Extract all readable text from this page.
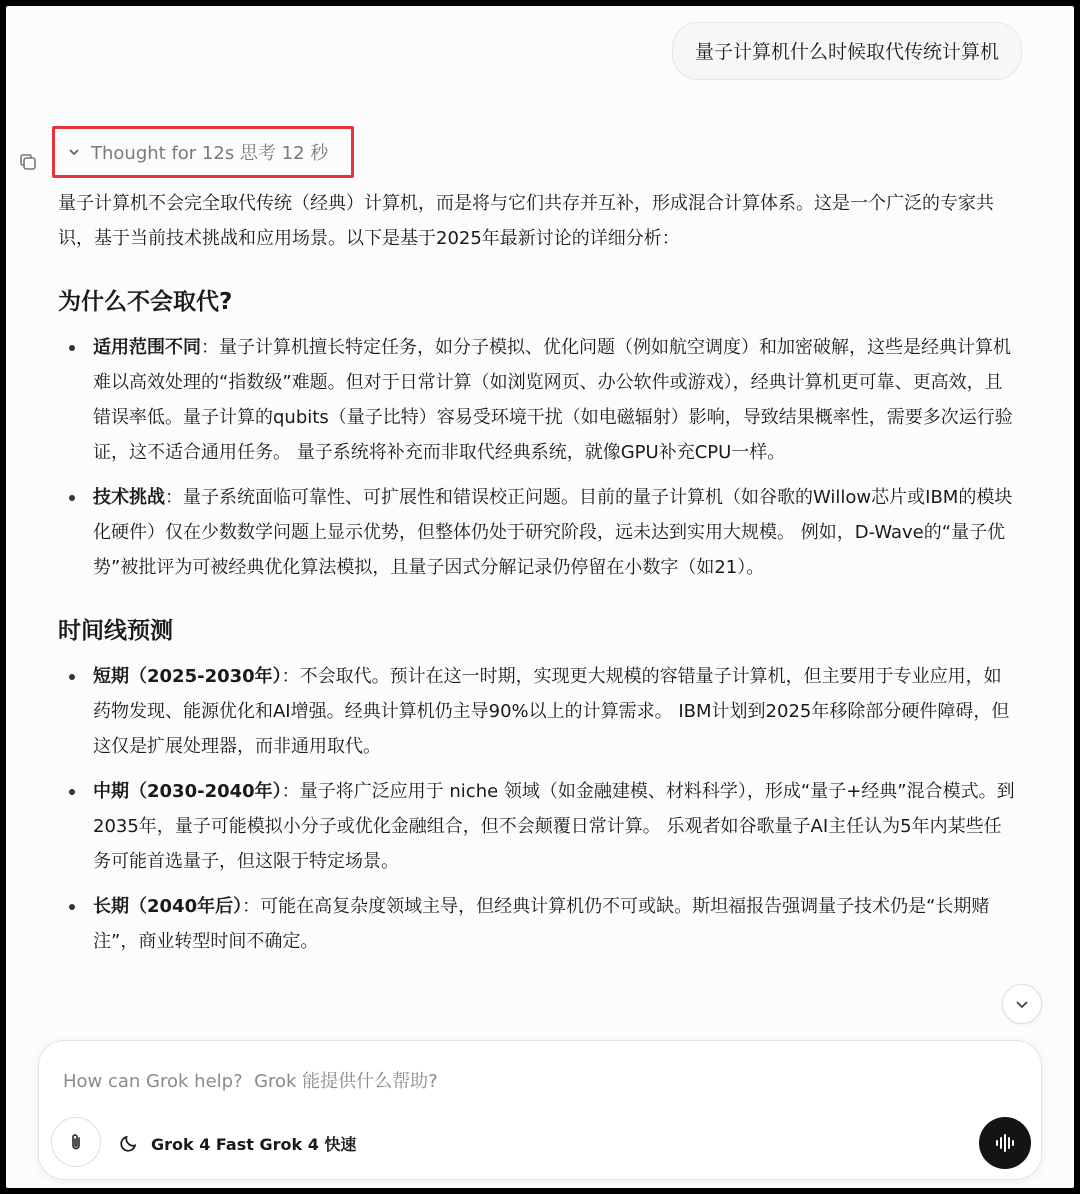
量子计算机什么时候取代传统计算机
Thought for 12s 思考 12 秒

量子计算机不会完全取代传统（经典）计算机，而是将与它们共存并互补，形成混合计算体系。这是一个广泛的专家共识，基于当前技术挑战和应用场景。以下是基于2025年最新讨论的详细分析：

为什么不会取代?
适用范围不同：量子计算机擅长特定任务，如分子模拟、优化问题（例如航空调度）和加密破解，这些是经典计算机难以高效处理的“指数级”难题。但对于日常计算（如浏览网页、办公软件或游戏），经典计算机更可靠、更高效，且错误率低。量子计算的qubits（量子比特）容易受环境干扰（如电磁辐射）影响，导致结果概率性，需要多次运行验证，这不适合通用任务。 量子系统将补充而非取代经典系统，就像GPU补充CPU一样。
技术挑战：量子系统面临可靠性、可扩展性和错误校正问题。目前的量子计算机（如谷歌的Willow芯片或IBM的模块化硬件）仅在少数数学问题上显示优势，但整体仍处于研究阶段，远未达到实用大规模。 例如，D-Wave的“量子优势”被批评为可被经典优化算法模拟，且量子因式分解记录仍停留在小数字（如21）。
时间线预测
短期（2025-2030年）：不会取代。预计在这一时期，实现更大规模的容错量子计算机，但主要用于专业应用，如药物发现、能源优化和AI增强。经典计算机仍主导90%以上的计算需求。 IBM计划到2025年移除部分硬件障碍，但这仅是扩展处理器，而非通用取代。
中期（2030-2040年）：量子将广泛应用于 niche 领域（如金融建模、材料科学），形成“量子+经典”混合模式。到2035年，量子可能模拟小分子或优化金融组合，但不会颠覆日常计算。 乐观者如谷歌量子AI主任认为5年内某些任务可能首选量子，但这限于特定场景。
长期（2040年后）：可能在高复杂度领域主导，但经典计算机仍不可或缺。斯坦福报告强调量子技术仍是“长期赌注”，商业转型时间不确定。
How can Grok help? Grok 能提供什么帮助?
Grok 4 Fast Grok 4 快速
